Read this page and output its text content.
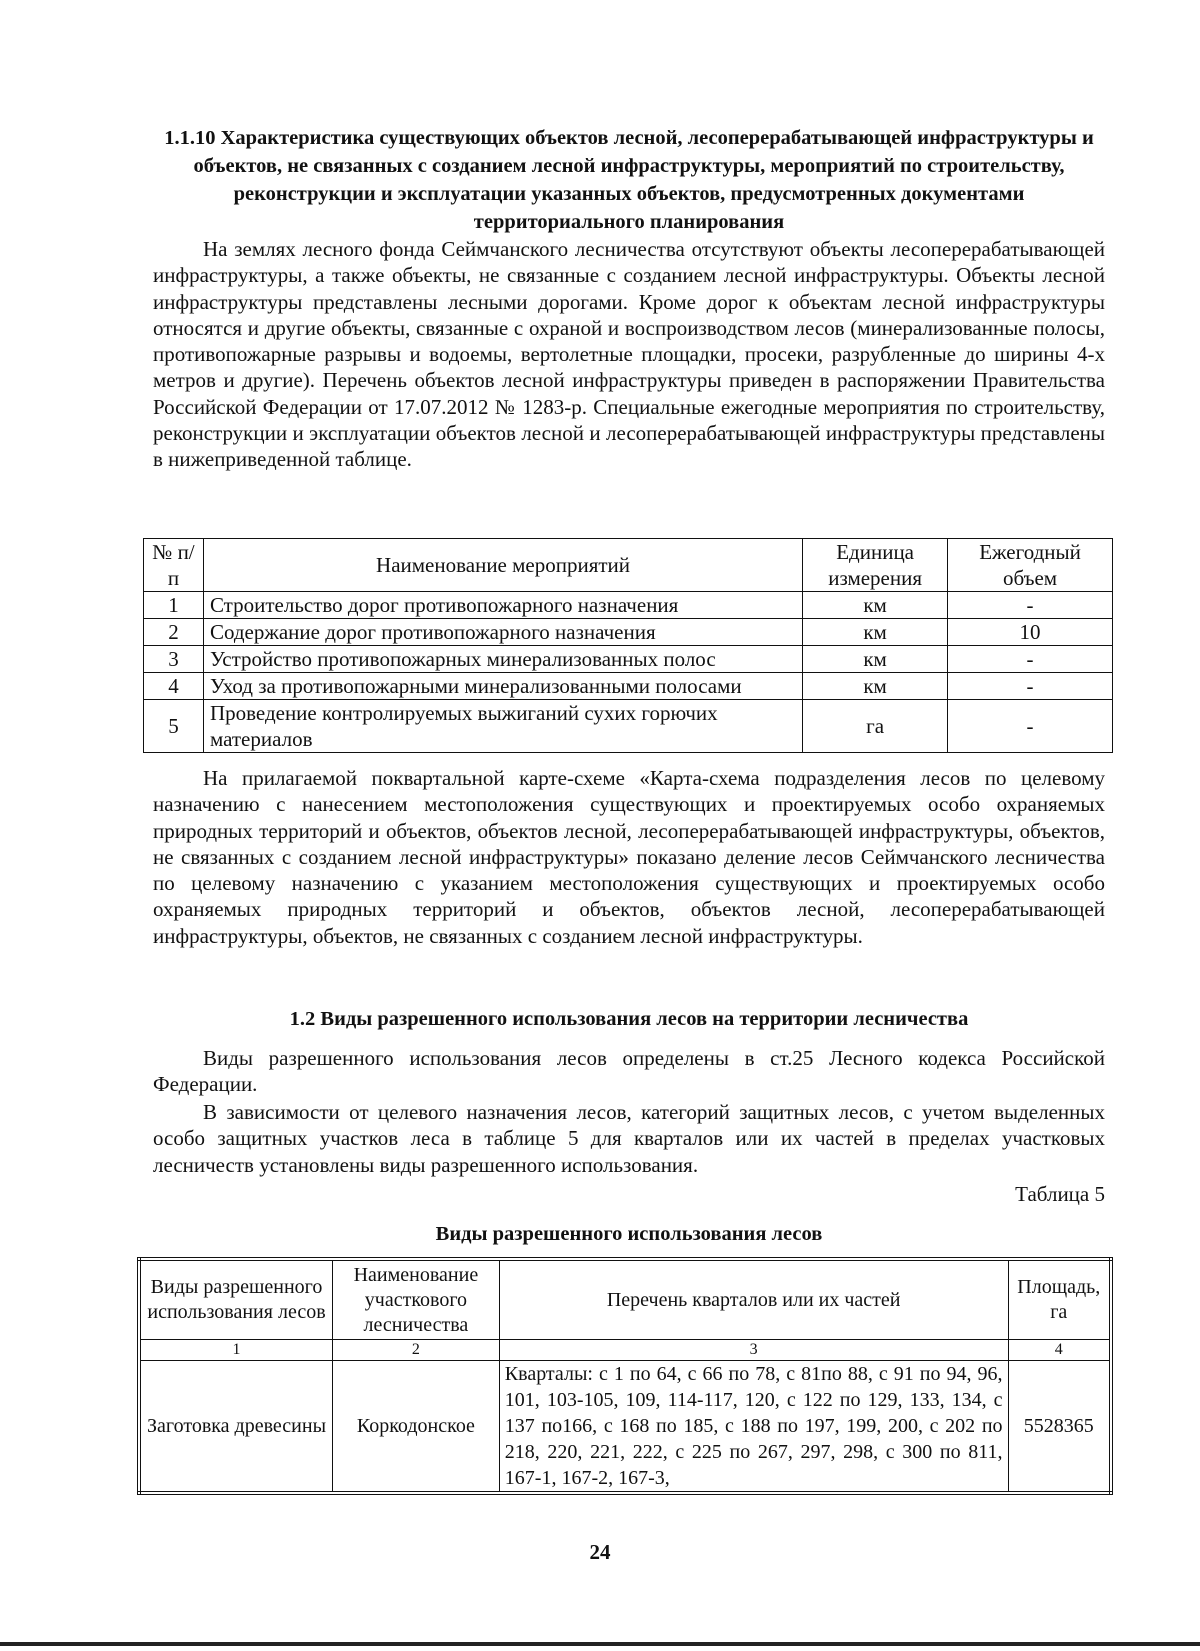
1.1.10 Характеристика существующих объектов лесной, лесоперерабатывающей инфраструктуры и объектов, не связанных с созданием лесной инфраструктуры, мероприятий по строительству, реконструкции и эксплуатации указанных объектов, предусмотренных документами территориального планирования

На землях лесного фонда Сеймчанского лесничества отсутствуют объекты лесоперерабатывающей инфраструктуры, а также объекты, не связанные с созданием лесной инфраструктуры. Объекты лесной инфраструктуры представлены лесными дорогами. Кроме дорог к объектам лесной инфраструктуры относятся и другие объекты, связанные с охраной и воспроизводством лесов (минерализованные полосы, противопожарные разрывы и водоемы, вертолетные площадки, просеки, разрубленные до ширины 4-х метров и другие). Перечень объектов лесной инфраструктуры приведен в распоряжении Правительства Российской Федерации от 17.07.2012 № 1283-р. Специальные ежегодные мероприятия по строительству, реконструкции и эксплуатации объектов лесной и лесоперерабатывающей инфраструктуры представлены в нижеприведенной таблице.

№ п/п	Наименование мероприятий	Единица измерения	Ежегодный объем
1	Строительство дорог противопожарного назначения	км	-
2	Содержание дорог противопожарного назначения	км	10
3	Устройство противопожарных минерализованных полос	км	-
4	Уход за противопожарными минерализованными полосами	км	-
5	Проведение контролируемых выжиганий сухих горючих материалов	га	-

На прилагаемой поквартальной карте-схеме «Карта-схема подразделения лесов по целевому назначению с нанесением местоположения существующих и проектируемых особо охраняемых природных территорий и объектов, объектов лесной, лесоперерабатывающей инфраструктуры, объектов, не связанных с созданием лесной инфраструктуры» показано деление лесов Сеймчанского лесничества по целевому назначению с указанием местоположения существующих и проектируемых особо охраняемых природных территорий и объектов, объектов лесной, лесоперерабатывающей инфраструктуры, объектов, не связанных с созданием лесной инфраструктуры.

1.2 Виды разрешенного использования лесов на территории лесничества

Виды разрешенного использования лесов определены в ст.25 Лесного кодекса Российской Федерации.

В зависимости от целевого назначения лесов, категорий защитных лесов, с учетом выделенных особо защитных участков леса в таблице 5 для кварталов или их частей в пределах участковых лесничеств установлены виды разрешенного использования.

Таблица 5
Виды разрешенного использования лесов
Виды разрешенного использования лесов	Наименование участкового лесничества	Перечень кварталов или их частей	Площадь, га
1	2	3	4
Заготовка древесины	Коркодонское	Кварталы: с 1 по 64, с 66 по 78, с 81по 88, с 91 по 94, 96, 101, 103-105, 109, 114-117, 120, с 122 по 129, 133, 134, с 137 по166, с 168 по 185, с 188 по 197, 199, 200, с 202 по 218, 220, 221, 222, с 225 по 267, 297, 298, с 300 по 811, 167-1, 167-2, 167-3,	5528365
24
